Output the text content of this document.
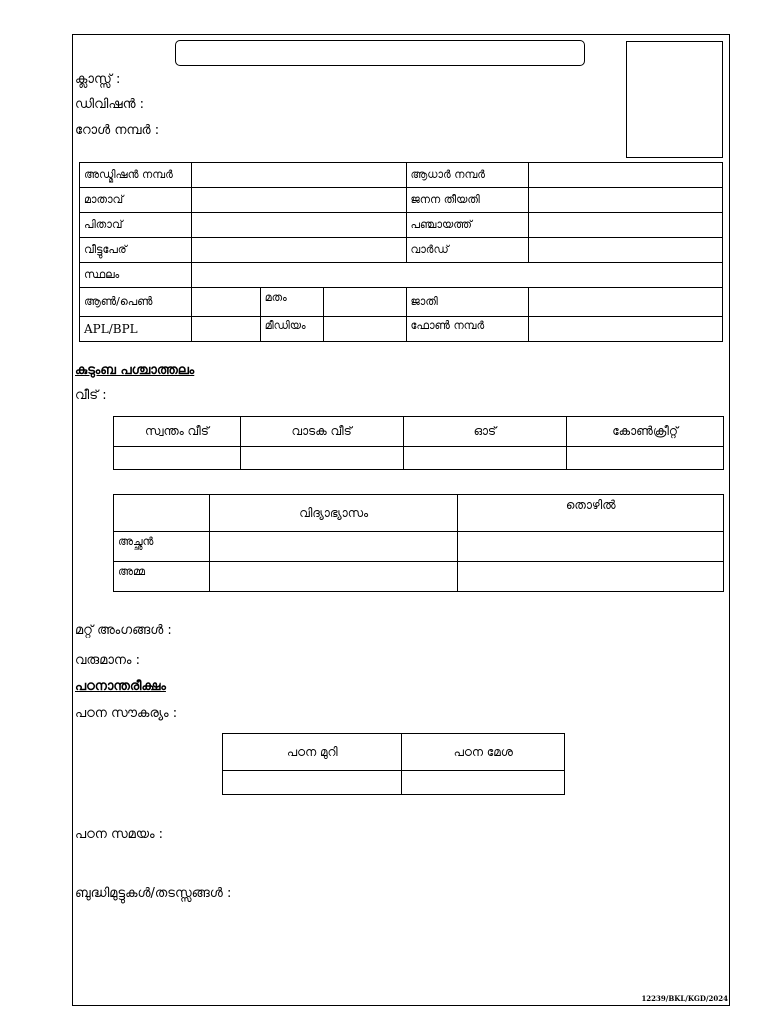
ക്ലാസ്സ് :
ഡിവിഷൻ :
റോൾ നമ്പർ :
അഡ്മിഷൻ നമ്പർ				ആധാർ നമ്പർ	
മാതാവ്				ജനന തീയതി	
പിതാവ്				പഞ്ചായത്ത്	
വീട്ടുപേര്				വാർഡ്	
സ്ഥലം					
ആൺ/പെൺ		മതം		ജാതി	
APL/BPL		മീഡിയം		ഫോൺ നമ്പർ	
കുടുംബ പശ്ചാത്തലം
വീട് :
സ്വന്തം വീട്	വാടക വീട്	ഓട്	കോൺക്രീറ്റ്

	വിദ്യാഭ്യാസം	തൊഴിൽ
അച്ഛൻ		
അമ്മ		
മറ്റ് അംഗങ്ങൾ :
വരുമാനം :
പഠനാന്തരീക്ഷം
പഠന സൗകര്യം :
പഠന മുറി	പഠന മേശ

പഠന സമയം :
ബുദ്ധിമുട്ടുകൾ/തടസ്സങ്ങൾ :
12239/BKL/KGD/2024
